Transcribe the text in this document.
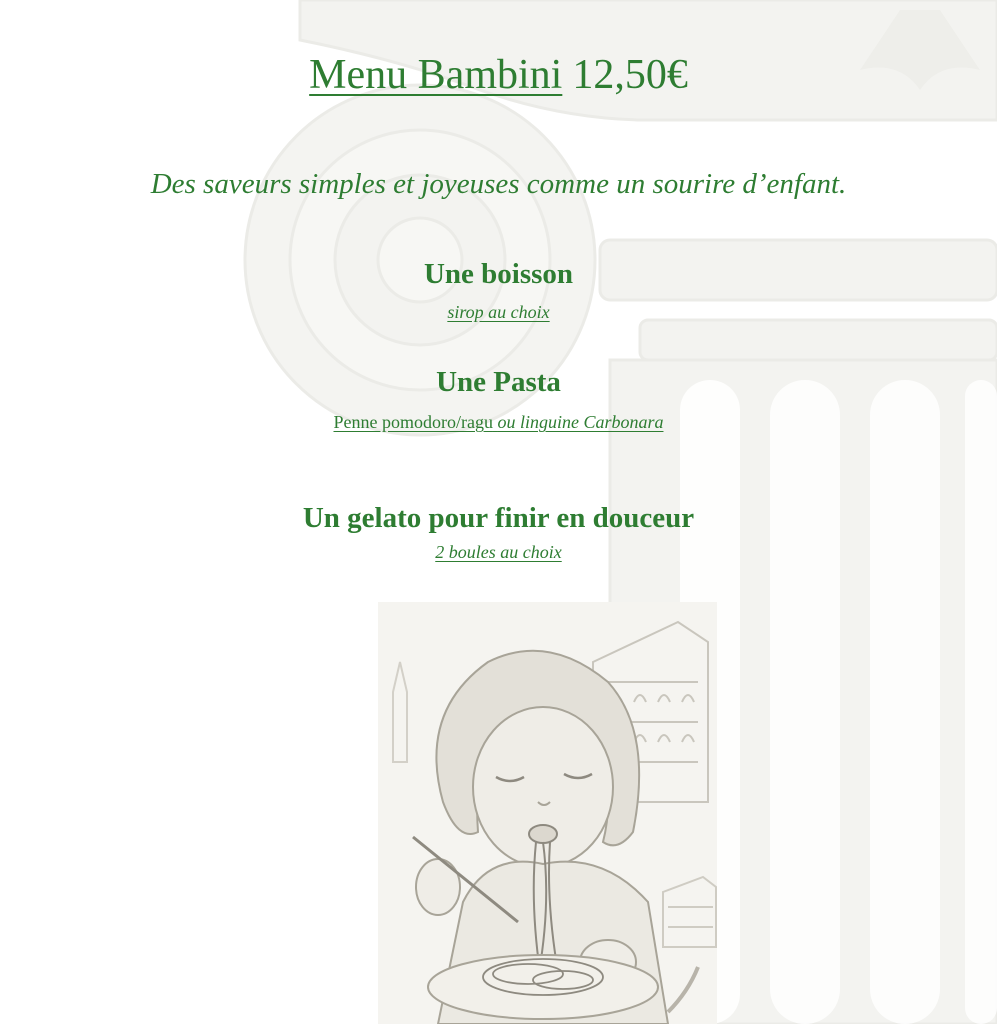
Menu Bambini 12,50€
Des saveurs simples et joyeuses comme un sourire d’enfant.
Une boisson
sirop au choix
Une Pasta
Penne pomodoro/ragu ou linguine Carbonara
Un gelato pour finir en douceur
2 boules au choix
